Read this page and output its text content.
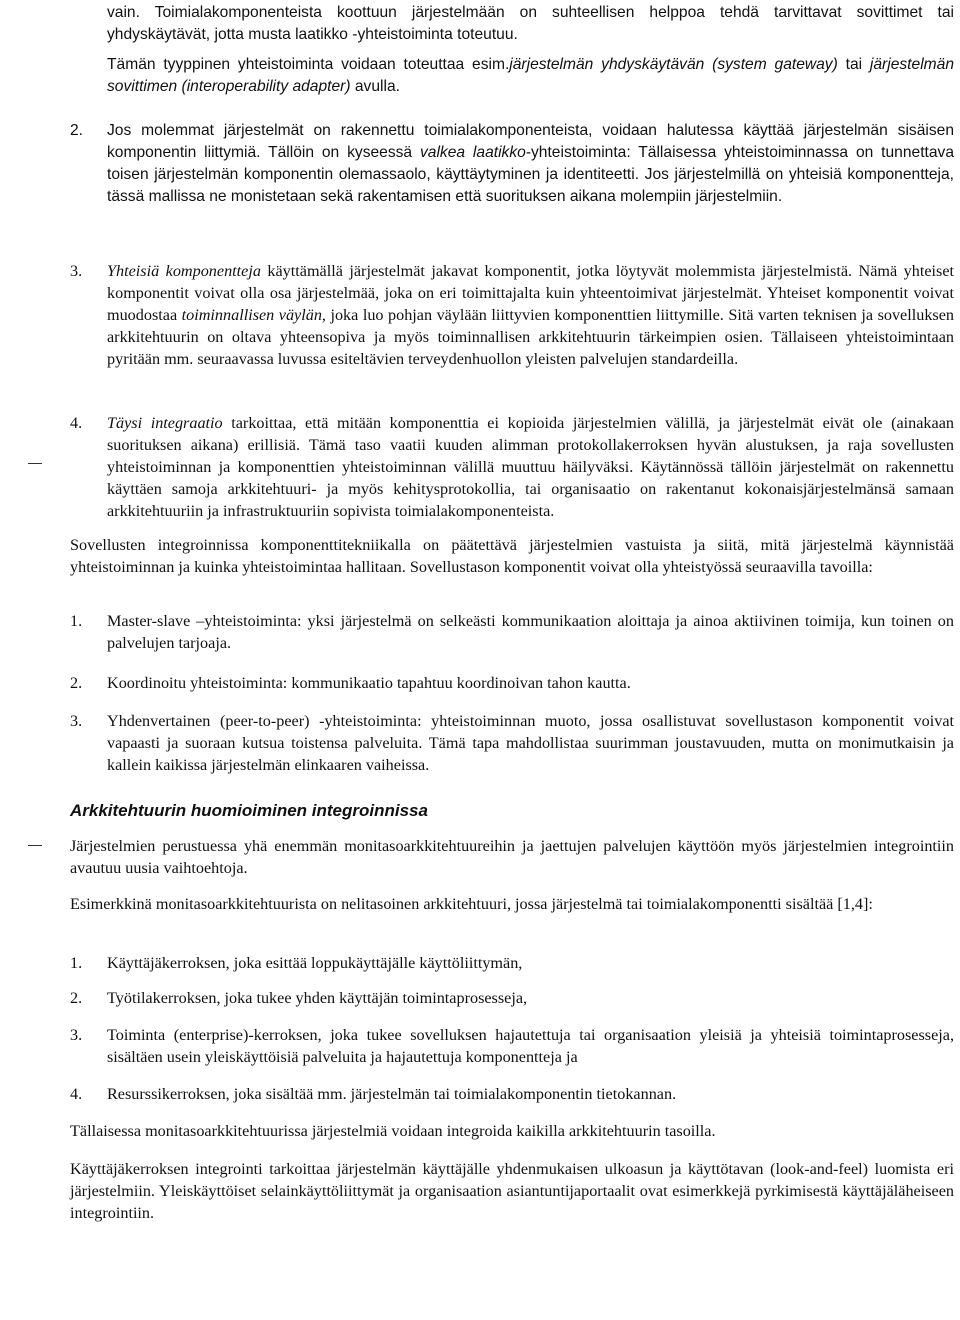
vain. Toimialakomponenteista koottuun järjestelmään on suhteellisen helppoa tehdä tarvittavat sovittimet tai yhdyskäytävät, jotta musta laatikko -yhteistoiminta toteutuu.

Tämän tyyppinen yhteistoiminta voidaan toteuttaa esim.järjestelmän yhdyskäytävän (system gateway) tai järjestelmän sovittimen (interoperability adapter) avulla.

2. Jos molemmat järjestelmät on rakennettu toimialakomponenteista, voidaan halutessa käyttää järjestelmän sisäisen komponentin liittymiä. Tällöin on kyseessä valkea laatikko-yhteistoiminta: Tällaisessa yhteistoiminnassa on tunnettava toisen järjestelmän komponentin olemassaolo, käyttäytyminen ja identiteetti. Jos järjestelmillä on yhteisiä komponentteja, tässä mallissa ne monistetaan sekä rakentamisen että suorituksen aikana molempiin järjestelmiin.

3. Yhteisiä komponentteja käyttämällä järjestelmät jakavat komponentit, jotka löytyvät molemmista järjestelmistä. Nämä yhteiset komponentit voivat olla osa järjestelmää, joka on eri toimittajalta kuin yhteentoimivat järjestelmät. Yhteiset komponentit voivat muodostaa toiminnallisen väylän, joka luo pohjan väylään liittyvien komponenttien liittymille. Sitä varten teknisen ja sovelluksen arkkitehtuurin on oltava yhteensopiva ja myös toiminnallisen arkkitehtuurin tärkeimpien osien. Tällaiseen yhteistoimintaan pyritään mm. seuraavassa luvussa esiteltävien terveydenhuollon yleisten palvelujen standardeilla.

4. Täysi integraatio tarkoittaa, että mitään komponenttia ei kopioida järjestelmien välillä, ja järjestelmät eivät ole (ainakaan suorituksen aikana) erillisiä. Tämä taso vaatii kuuden alimman protokollakerroksen hyvän alustuksen, ja raja sovellusten yhteistoiminnan ja komponenttien yhteistoiminnan välillä muuttuu häilyväksi. Käytännössä tällöin järjestelmät on rakennettu käyttäen samoja arkkitehtuuri- ja myös kehitysprotokollia, tai organisaatio on rakentanut kokonaisjärjestelmänsä samaan arkkitehtuuriin ja infrastruktuuriin sopivista toimialakomponenteista.

Sovellusten integroinnissa komponenttitekniikalla on päätettävä järjestelmien vastuista ja siitä, mitä järjestelmä käynnistää yhteistoiminnan ja kuinka yhteistoimintaa hallitaan. Sovellustason komponentit voivat olla yhteistyössä seuraavilla tavoilla:

1. Master-slave –yhteistoiminta: yksi järjestelmä on selkeästi kommunikaation aloittaja ja ainoa aktiivinen toimija, kun toinen on palvelujen tarjoaja.

2. Koordinoitu yhteistoiminta: kommunikaatio tapahtuu koordinoivan tahon kautta.

3. Yhdenvertainen (peer-to-peer) -yhteistoiminta: yhteistoiminnan muoto, jossa osallistuvat sovellustason komponentit voivat vapaasti ja suoraan kutsua toistensa palveluita. Tämä tapa mahdollistaa suurimman joustavuuden, mutta on monimutkaisin ja kallein kaikissa järjestelmän elinkaaren vaiheissa.

Arkkitehtuurin huomioiminen integroinnissa

Järjestelmien perustuessa yhä enemmän monitasoarkkitehtuureihin ja jaettujen palvelujen käyttöön myös järjestelmien integrointiin avautuu uusia vaihtoehtoja.

Esimerkkinä monitasoarkkitehtuurista on nelitasoinen arkkitehtuuri, jossa järjestelmä tai toimialakomponentti sisältää [1,4]:

1. Käyttäjäkerroksen, joka esittää loppukäyttäjälle käyttöliittymän,

2. Työtilakerroksen, joka tukee yhden käyttäjän toimintaprosesseja,

3. Toiminta (enterprise)-kerroksen, joka tukee sovelluksen hajautettuja tai organisaation yleisiä ja yhteisiä toimintaprosesseja, sisältäen usein yleiskäyttöisiä palveluita ja hajautettuja komponentteja ja

4. Resurssikerroksen, joka sisältää mm. järjestelmän tai toimialakomponentin tietokannan.

Tällaisessa monitasoarkkitehtuurissa järjestelmiä voidaan integroida kaikilla arkkitehtuurin tasoilla.

Käyttäjäkerroksen integrointi tarkoittaa järjestelmän käyttäjälle yhdenmukaisen ulkoasun ja käyttötavan (look-and-feel) luomista eri järjestelmiin. Yleiskäyttöiset selainkäyttöliittymät ja organisaation asiantuntijaportaalit ovat esimerkkejä pyrkimisestä käyttäjäläheiseen integrointiin.
